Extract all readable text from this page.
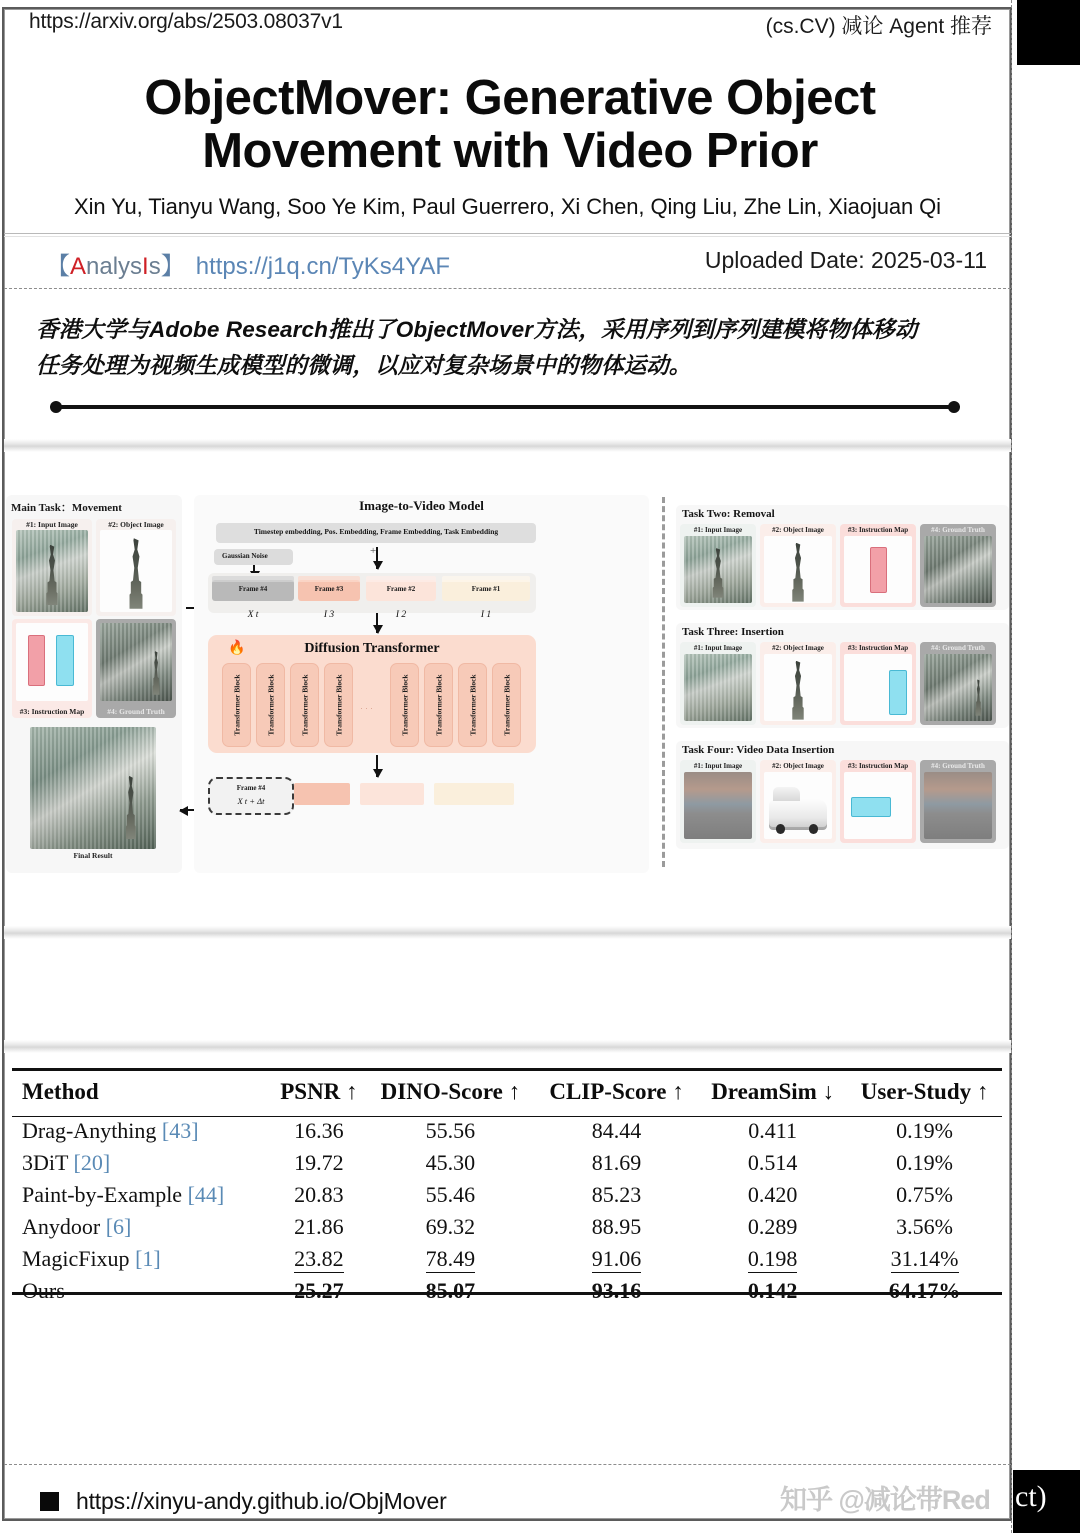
https://arxiv.org/abs/2503.08037v1	(cs.CV) 减论 Agent 推荐
ObjectMover: Generative Object Movement with Video Prior
Xin Yu, Tianyu Wang, Soo Ye Kim, Paul Guerrero, Xi Chen, Qing Liu, Zhe Lin, Xiaojuan Qi
【AnalysIs】 https://j1q.cn/TyKs4YAF	Uploaded Date: 2025-03-11
香港大学与Adobe Research推出了ObjectMover方法，采用序列到序列建模将物体移动
任务处理为视频生成模型的微调，以应对复杂场景中的物体运动。
Main Task：Movement
#1: Input Image	#2: Object Image
#3: Instruction Map	#4: Ground Truth
Final Result

Image-to-Video Model
Timestep embedding, Pos. Embedding, Frame Embedding, Task Embedding
Gaussian Noise	+
Frame #4
X t
Frame #3
I 3
Frame #2
I 2
Frame #1
I 1
🔥	Diffusion Transformer
Transformer Block	Transformer Block	Transformer Block	Transformer Block ···	Transformer Block	Transformer Block	Transformer Block	Transformer Block
Frame #4
X t + Δt
Task Two: Removal
#1: Input Image	#2: Object Image	#3: Instruction Map	#4: Ground Truth
Task Three: Insertion
#1: Input Image	#2: Object Image	#3: Instruction Map	#4: Ground Truth
Task Four: Video Data Insertion
#1: Input Image	#2: Object Image	#3: Instruction Map	#4: Ground Truth
Method	PSNR ↑	DINO-Score ↑	CLIP-Score ↑	DreamSim ↓	User-Study ↑
Drag-Anything [43]	16.36	55.56	84.44	0.411	0.19%
3DiT [20]	19.72	45.30	81.69	0.514	0.19%
Paint-by-Example [44]	20.83	55.46	85.23	0.420	0.75%
Anydoor [6]	21.86	69.32	88.95	0.289	3.56%
MagicFixup [1]	23.82	78.49	91.06	0.198	31.14%
Ours	25.27	85.07	93.16	0.142	64.17%
https://xinyu-andy.github.io/ObjMover	知乎 @减论带Red ct)
